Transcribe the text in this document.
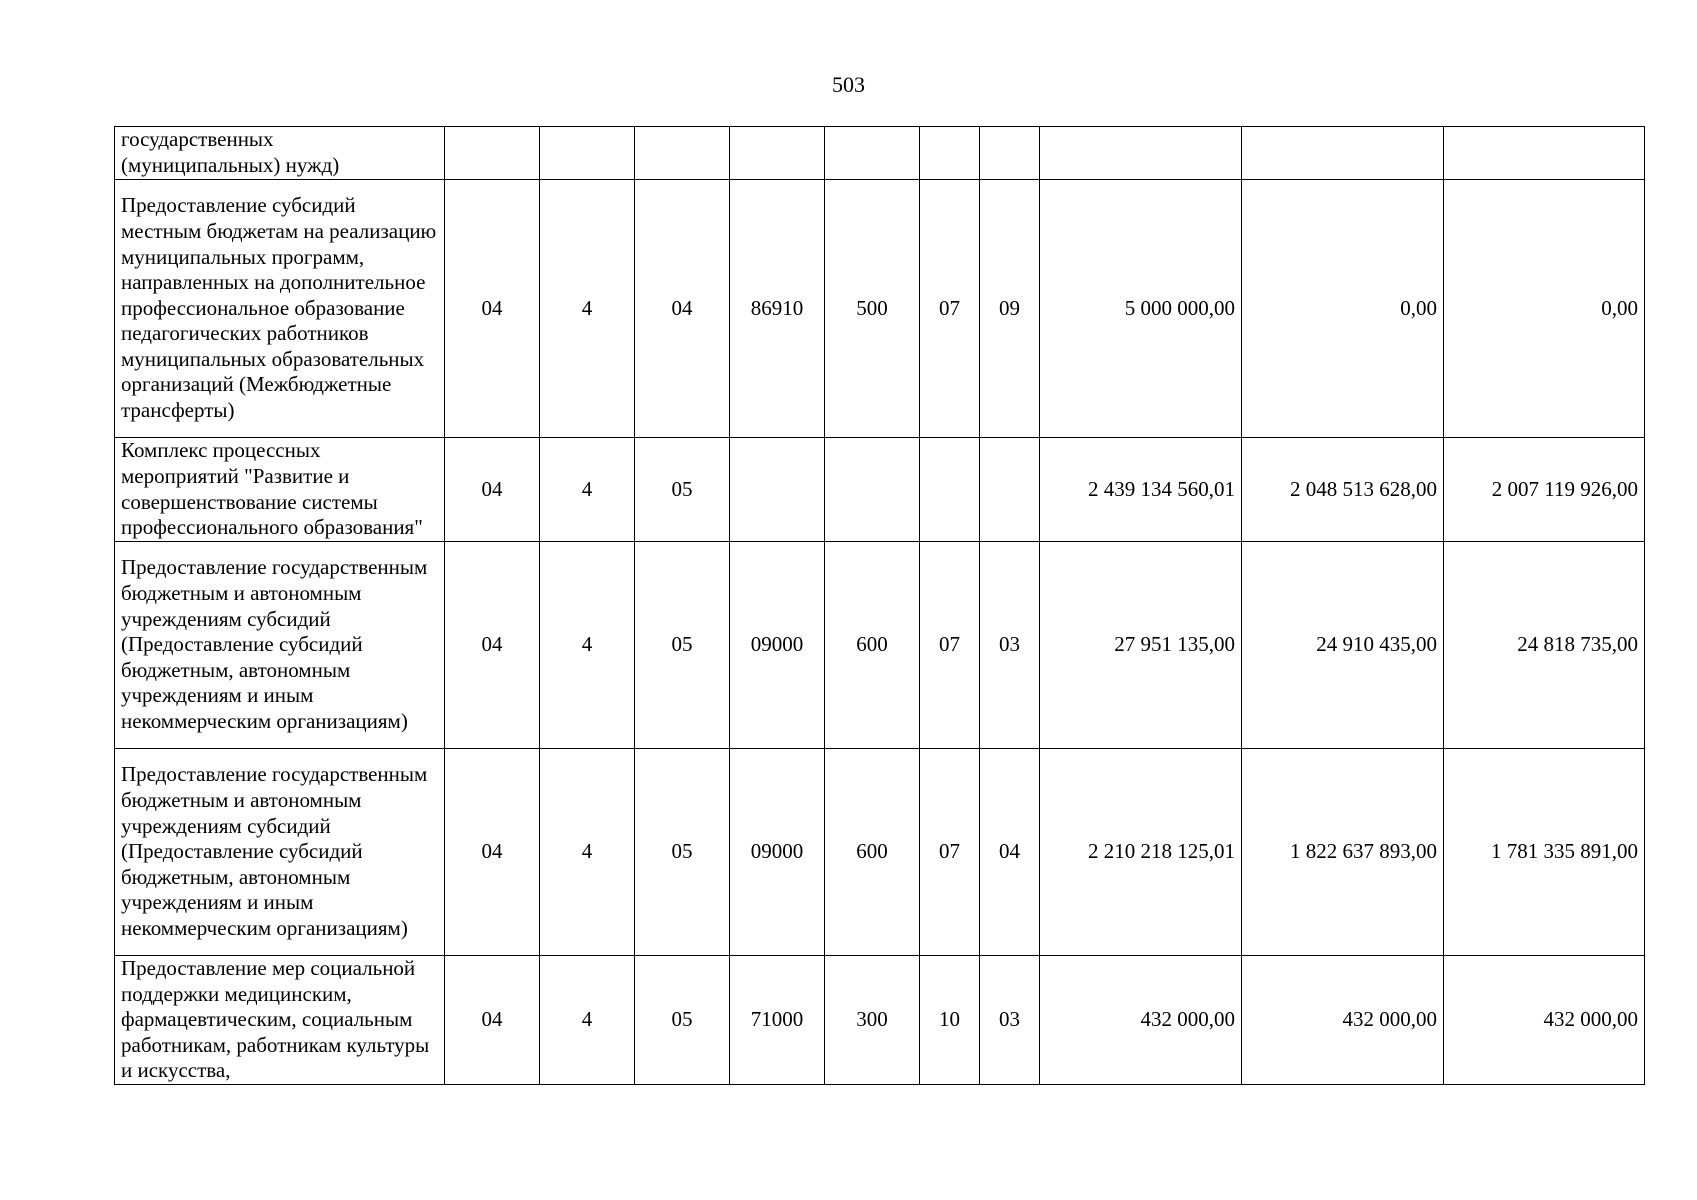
503
государственных (муниципальных) нужд)										
Предоставление субсидий местным бюджетам на реализацию муниципальных программ, направленных на дополнительное профессиональное образование педагогических работников муниципальных образовательных организаций (Межбюджетные трансферты)	04	4	04	86910	500	07	09	5 000 000,00	0,00	0,00
Комплекс процессных мероприятий "Развитие и совершенствование системы профессионального образования"	04	4	05					2 439 134 560,01	2 048 513 628,00	2 007 119 926,00
Предоставление государственным бюджетным и автономным учреждениям субсидий (Предоставление субсидий бюджетным, автономным учреждениям и иным некоммерческим организациям)	04	4	05	09000	600	07	03	27 951 135,00	24 910 435,00	24 818 735,00
Предоставление государственным бюджетным и автономным учреждениям субсидий (Предоставление субсидий бюджетным, автономным учреждениям и иным некоммерческим организациям)	04	4	05	09000	600	07	04	2 210 218 125,01	1 822 637 893,00	1 781 335 891,00
Предоставление мер социальной поддержки медицинским, фармацевтическим, социальным работникам, работникам культуры и искусства,	04	4	05	71000	300	10	03	432 000,00	432 000,00	432 000,00
